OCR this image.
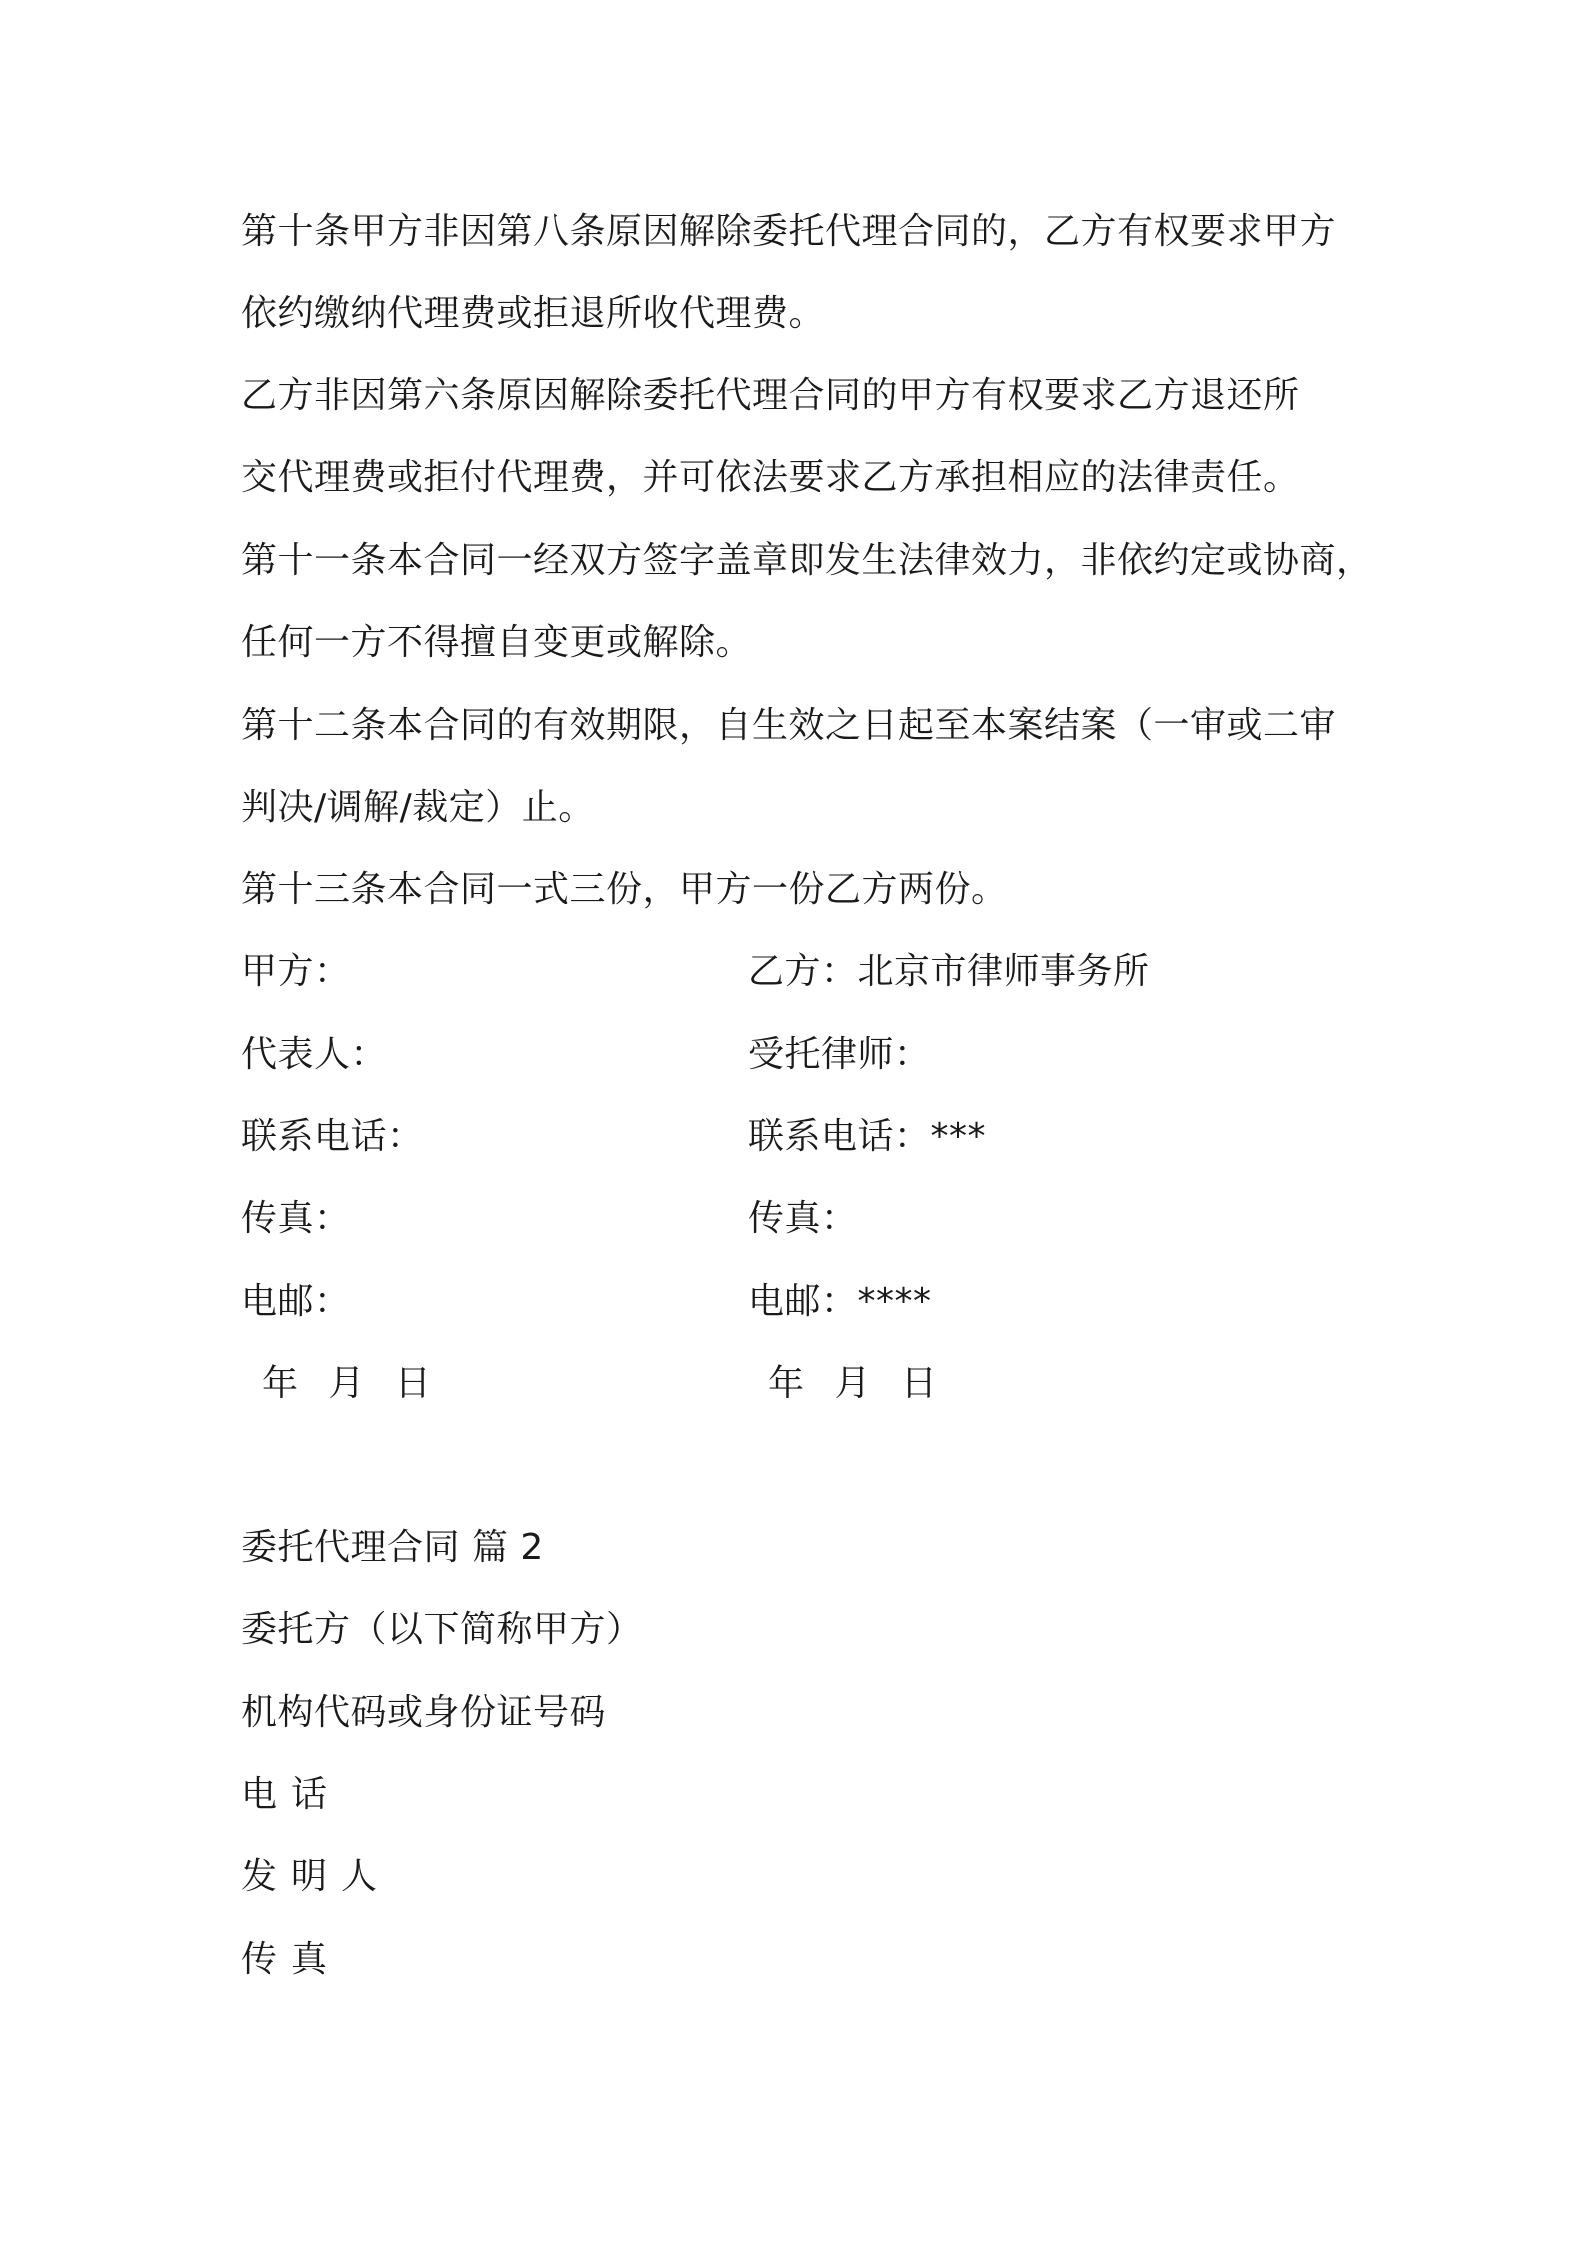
第十条甲方非因第八条原因解除委托代理合同的，乙方有权要求甲方
依约缴纳代理费或拒退所收代理费。
乙方非因第六条原因解除委托代理合同的甲方有权要求乙方退还所
交代理费或拒付代理费，并可依法要求乙方承担相应的法律责任。
第十一条本合同一经双方签字盖章即发生法律效力，非依约定或协商，
任何一方不得擅自变更或解除。
第十二条本合同的有效期限，自生效之日起至本案结案（一审或二审
判决/调解/裁定）止。
第十三条本合同一式三份，甲方一份乙方两份。
甲方：
代表人：
联系电话：
传真：
电邮：
年 月 日
乙方：北京市律师事务所
受托律师：
联系电话：***
传真：
电邮：****
年 月 日
委托代理合同 篇 2
委托方（以下简称甲方）
机构代码或身份证号码
电话
发明人
传真
